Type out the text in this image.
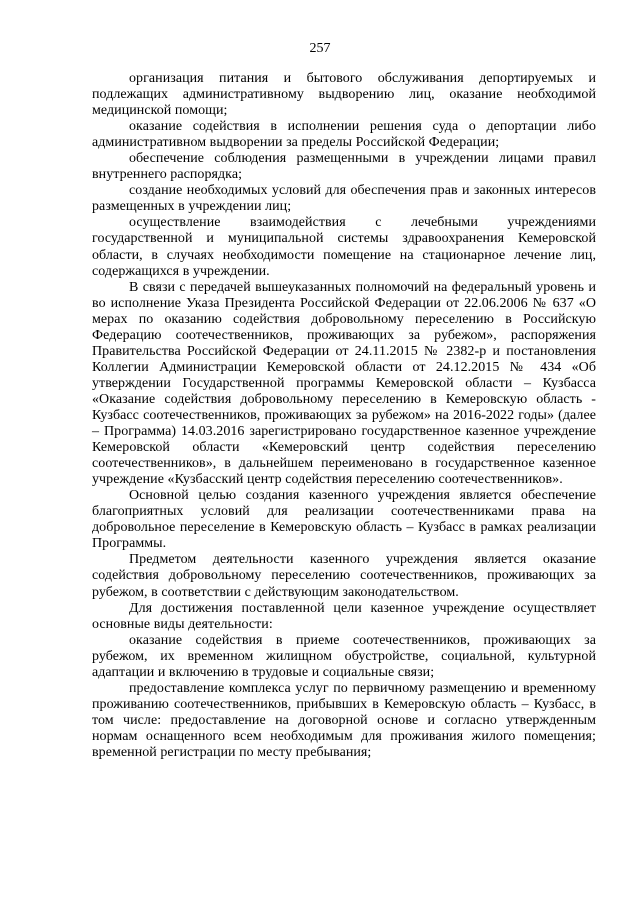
257

организация питания и бытового обслуживания депортируемых и подлежащих административному выдворению лиц, оказание необходимой медицинской помощи;

оказание содействия в исполнении решения суда о депортации либо административном выдворении за пределы Российской Федерации;

обеспечение соблюдения размещенными в учреждении лицами правил внутреннего распорядка;

создание необходимых условий для обеспечения прав и законных интересов размещенных в учреждении лиц;

осуществление взаимодействия с лечебными учреждениями государственной и муниципальной системы здравоохранения Кемеровской области, в случаях необходимости помещение на стационарное лечение лиц, содержащихся в учреждении.

В связи с передачей вышеуказанных полномочий на федеральный уровень и во исполнение Указа Президента Российской Федерации от 22.06.2006 № 637 «О мерах по оказанию содействия добровольному переселению в Российскую Федерацию соотечественников, проживающих за рубежом», распоряжения Правительства Российской Федерации от 24.11.2015 № 2382-р и постановления Коллегии Администрации Кемеровской области от 24.12.2015 № 434 «Об утверждении Государственной программы Кемеровской области – Кузбасса «Оказание содействия добровольному переселению в Кемеровскую область - Кузбасс соотечественников, проживающих за рубежом» на 2016-2022 годы» (далее – Программа) 14.03.2016 зарегистрировано государственное казенное учреждение Кемеровской области «Кемеровский центр содействия переселению соотечественников», в дальнейшем переименовано в государственное казенное учреждение «Кузбасский центр содействия переселению соотечественников».

Основной целью создания казенного учреждения является обеспечение благоприятных условий для реализации соотечественниками права на добровольное переселение в Кемеровскую область – Кузбасс в рамках реализации Программы.

Предметом деятельности казенного учреждения является оказание содействия добровольному переселению соотечественников, проживающих за рубежом, в соответствии с действующим законодательством.

Для достижения поставленной цели казенное учреждение осуществляет основные виды деятельности:

оказание содействия в приеме соотечественников, проживающих за рубежом, их временном жилищном обустройстве, социальной, культурной адаптации и включению в трудовые и социальные связи;

предоставление комплекса услуг по первичному размещению и временному проживанию соотечественников, прибывших в Кемеровскую область – Кузбасс, в том числе: предоставление на договорной основе и согласно утвержденным нормам оснащенного всем необходимым для проживания жилого помещения; временной регистрации по месту пребывания;
